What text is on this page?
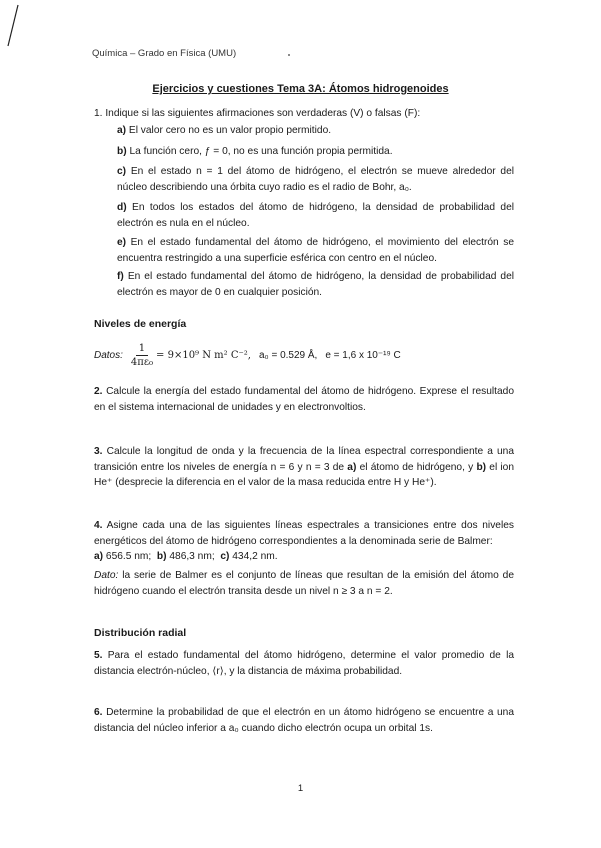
Química – Grado en Física (UMU)
Ejercicios y cuestiones Tema 3A: Átomos hidrogenoides
1. Indique si las siguientes afirmaciones son verdaderas (V) o falsas (F):
a) El valor cero no es un valor propio permitido.
b) La función cero, ƒ = 0, no es una función propia permitida.
c) En el estado n = 1 del átomo de hidrógeno, el electrón se mueve alrededor del núcleo describiendo una órbita cuyo radio es el radio de Bohr, a₀.
d) En todos los estados del átomo de hidrógeno, la densidad de probabilidad del electrón es nula en el núcleo.
e) En el estado fundamental del átomo de hidrógeno, el movimiento del electrón se encuentra restringido a una superficie esférica con centro en el núcleo.
f) En el estado fundamental del átomo de hidrógeno, la densidad de probabilidad del electrón es mayor de 0 en cualquier posición.
Niveles de energía
Datos: $\frac{1}{\text{4πε₀}} = 9\times 10^9$ N m² C⁻², a₀ = 0.529 Å, e = 1,6 x 10⁻¹⁹ C
2. Calcule la energía del estado fundamental del átomo de hidrógeno. Exprese el resultado en el sistema internacional de unidades y en electronvoltios.
3. Calcule la longitud de onda y la frecuencia de la línea espectral correspondiente a una transición entre los niveles de energía n = 6 y n = 3 de a) el átomo de hidrógeno, y b) el ion He⁺ (desprecie la diferencia en el valor de la masa reducida entre H y He⁺).
4. Asigne cada una de las siguientes líneas espectrales a transiciones entre dos niveles energéticos del átomo de hidrógeno correspondientes a la denominada serie de Balmer:
a) 656.5 nm; b) 486,3 nm; c) 434,2 nm.
Dato: la serie de Balmer es el conjunto de líneas que resultan de la emisión del átomo de hidrógeno cuando el electrón transita desde un nivel n ≥ 3 a n = 2.
Distribución radial
5. Para el estado fundamental del átomo hidrógeno, determine el valor promedio de la distancia electrón-núcleo, ⟨r⟩, y la distancia de máxima probabilidad.
6. Determine la probabilidad de que el electrón en un átomo hidrógeno se encuentre a una distancia del núcleo inferior a a₀ cuando dicho electrón ocupa un orbital 1s.
1
